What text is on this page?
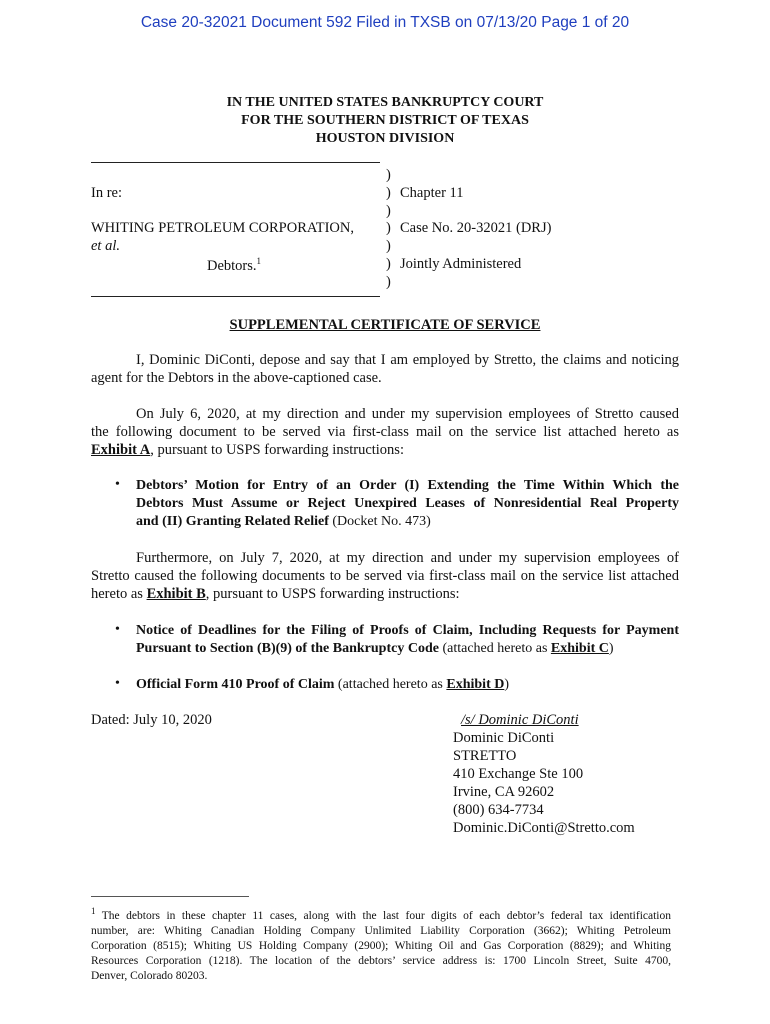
Case 20-32021 Document 592 Filed in TXSB on 07/13/20 Page 1 of 20
IN THE UNITED STATES BANKRUPTCY COURT
FOR THE SOUTHERN DISTRICT OF TEXAS
HOUSTON DIVISION
In re:
WHITING PETROLEUM CORPORATION,
et al.
Debtors.$^1$
)
)
)
)
)
)
)
Chapter 11
Case No. 20-32021 (DRJ)
Jointly Administered
SUPPLEMENTAL CERTIFICATE OF SERVICE
I, Dominic DiConti, depose and say that I am employed by Stretto, the claims and noticing
agent for the Debtors in the above-captioned case.
On July 6, 2020, at my direction and under my supervision employees of Stretto caused
the following document to be served via first-class mail on the service list attached hereto as
Exhibit A, pursuant to USPS forwarding instructions:
• Debtors’ Motion for Entry of an Order (I) Extending the Time Within Which the
Debtors Must Assume or Reject Unexpired Leases of Nonresidential Real Property
and (II) Granting Related Relief (Docket No. 473)
Furthermore, on July 7, 2020, at my direction and under my supervision employees of
Stretto caused the following documents to be served via first-class mail on the service list attached
hereto as Exhibit B, pursuant to USPS forwarding instructions:
• Notice of Deadlines for the Filing of Proofs of Claim, Including Requests for Payment
Pursuant to Section (B)(9) of the Bankruptcy Code (attached hereto as Exhibit C)
• Official Form 410 Proof of Claim (attached hereto as Exhibit D)
Dated: July 10, 2020	/s/ Dominic DiConti
Dominic DiConti
STRETTO
410 Exchange Ste 100
Irvine, CA 92602
(800) 634-7734
Dominic.DiConti@Stretto.com
$^1$ The debtors in these chapter 11 cases, along with the last four digits of each debtor’s federal tax identification
number, are: Whiting Canadian Holding Company Unlimited Liability Corporation (3662); Whiting Petroleum
Corporation (8515); Whiting US Holding Company (2900); Whiting Oil and Gas Corporation (8829); and Whiting
Resources Corporation (1218). The location of the debtors’ service address is: 1700 Lincoln Street, Suite 4700,
Denver, Colorado 80203.
